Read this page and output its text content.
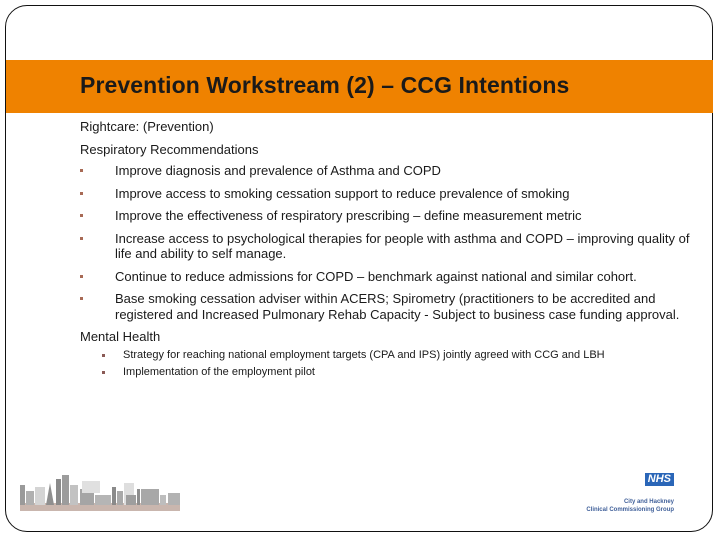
Prevention Workstream (2) – CCG Intentions

Rightcare: (Prevention)

Respiratory Recommendations

Improve diagnosis and prevalence of Asthma and COPD
Improve access to smoking cessation support to reduce prevalence of smoking
Improve the effectiveness of respiratory prescribing – define measurement metric
Increase access to psychological therapies for people with asthma and COPD – improving quality of life and ability to self manage.
Continue to reduce admissions for COPD – benchmark against national and similar cohort.
Base smoking cessation adviser within ACERS; Spirometry (practitioners to be accredited and registered and Increased Pulmonary Rehab Capacity - Subject to business case funding approval.

Mental Health

Strategy for reaching national employment targets (CPA and IPS) jointly agreed with CCG and LBH
Implementation of the employment pilot
NHS
City and Hackney
Clinical Commissioning Group
